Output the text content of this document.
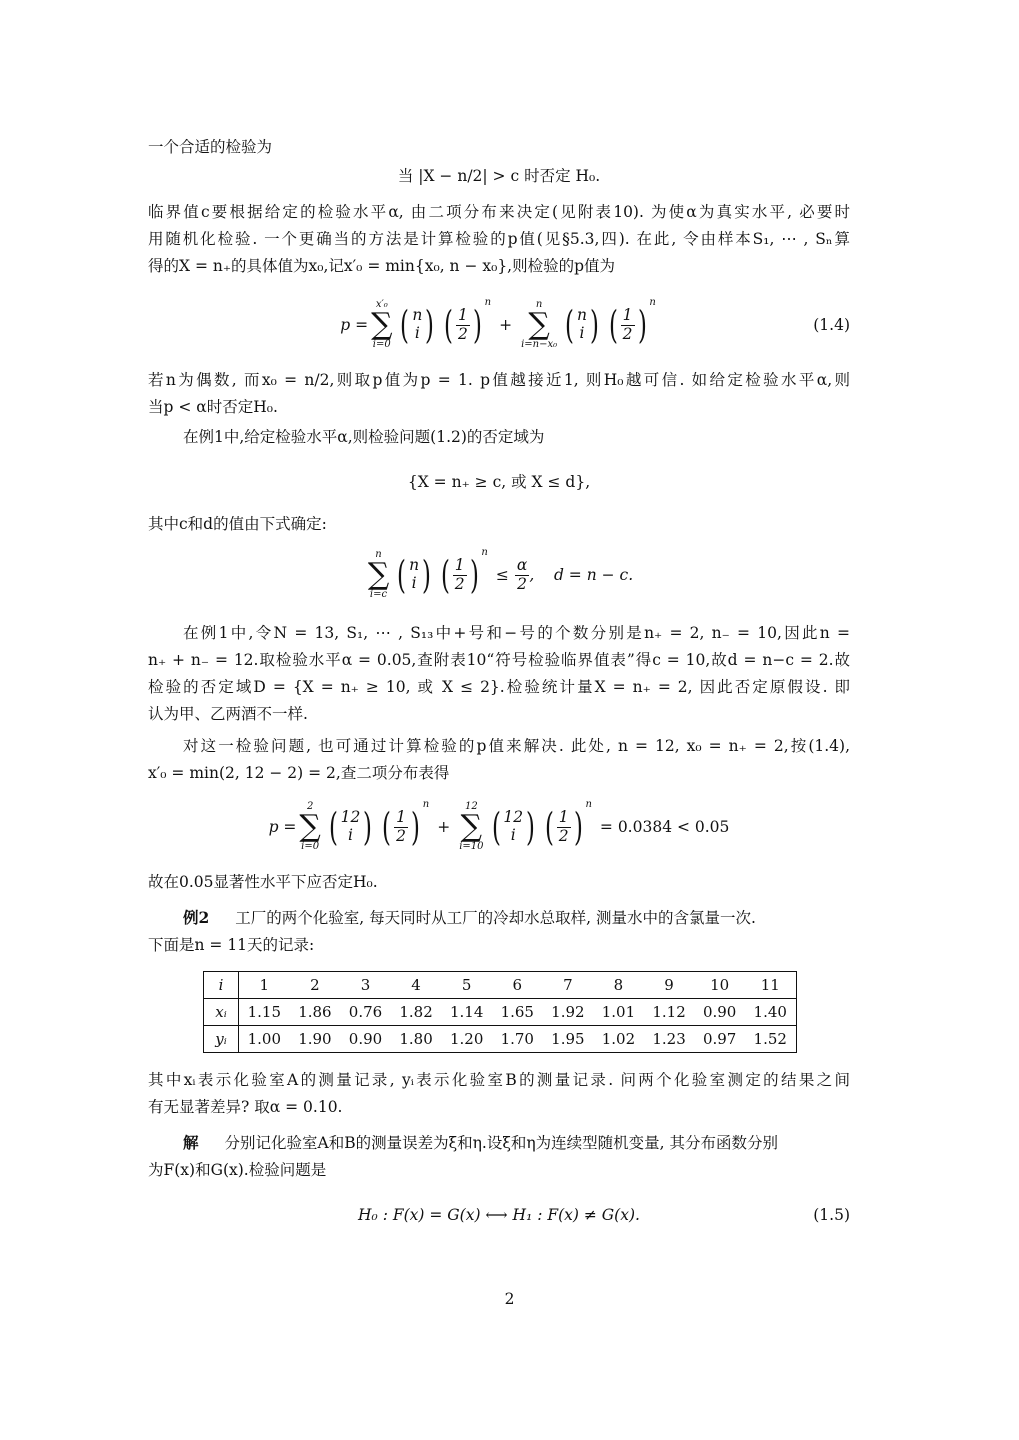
一个合适的检验为
当 |X − n/2| > c 时否定 H₀.
临界值c要根据给定的检验水平α, 由二项分布来决定(见附表10). 为使α为真实水平, 必要时
用随机化检验. 一个更确当的方法是计算检验的p值(见§5.3,四). 在此, 令由样本S₁, ⋯ , Sₙ算
得的X = n₊的具体值为x₀,记x′₀ = min{x₀, n − x₀},则检验的p值为
p =
x′₀
∑
i=0 ( n
i ) ( 1
2 )
$^n$
+
n
∑
i=n−x₀ ( n
i ) ( 1
2 )
$^n$
(1.4)
若n为偶数, 而x₀ = n/2,则取p值为p = 1. p值越接近1, 则H₀越可信. 如给定检验水平α,则
当p < α时否定H₀.
在例1中,给定检验水平α,则检验问题(1.2)的否定域为
{X = n₊ ≥ c, 或 X ≤ d},
其中c和d的值由下式确定:
n
∑
i=c ( n
i ) ( 1
2 )
$^n$
≤ $\frac{\alpha}{2}$ ,    d = n − c.
在例1中,令N = 13, S₁, ⋯ , S₁₃中+号和−号的个数分别是n₊ = 2, n₋ = 10,因此n =
n₊ + n₋ = 12.取检验水平α = 0.05,查附表10“符号检验临界值表”得c = 10,故d = n−c = 2.故
检验的否定域D = {X = n₊ ≥ 10, 或 X ≤ 2}.检验统计量X = n₊ = 2, 因此否定原假设. 即
认为甲、乙两酒不一样.
对这一检验问题, 也可通过计算检验的p值来解决. 此处, n = 12, x₀ = n₊ = 2,按(1.4),
x′₀ = min(2, 12 − 2) = 2,查二项分布表得
p =
2
∑
i=0 ( 12
i ) ( 1
2 )
$^n$
+
12
∑
i=10 ( 12
i ) ( 1
2 )
$^n$
= 0.0384 < 0.05
故在0.05显著性水平下应否定H₀.
例2 工厂的两个化验室, 每天同时从工厂的冷却水总取样, 测量水中的含氯量一次.
下面是n = 11天的记录:
i	1	2	3	4	5	6	7	8	9	10	11
xᵢ	1.15	1.86	0.76	1.82	1.14	1.65	1.92	1.01	1.12	0.90	1.40
yᵢ	1.00	1.90	0.90	1.80	1.20	1.70	1.95	1.02	1.23	0.97	1.52
其中xᵢ表示化验室A的测量记录, yᵢ表示化验室B的测量记录. 问两个化验室测定的结果之间
有无显著差异? 取α = 0.10.
解 分别记化验室A和B的测量误差为ξ和η.设ξ和η为连续型随机变量, 其分布函数分别
为F(x)和G(x).检验问题是
H₀ : F(x) = G(x) ⟷ H₁ : F(x) ≠ G(x).	(1.5)
2
